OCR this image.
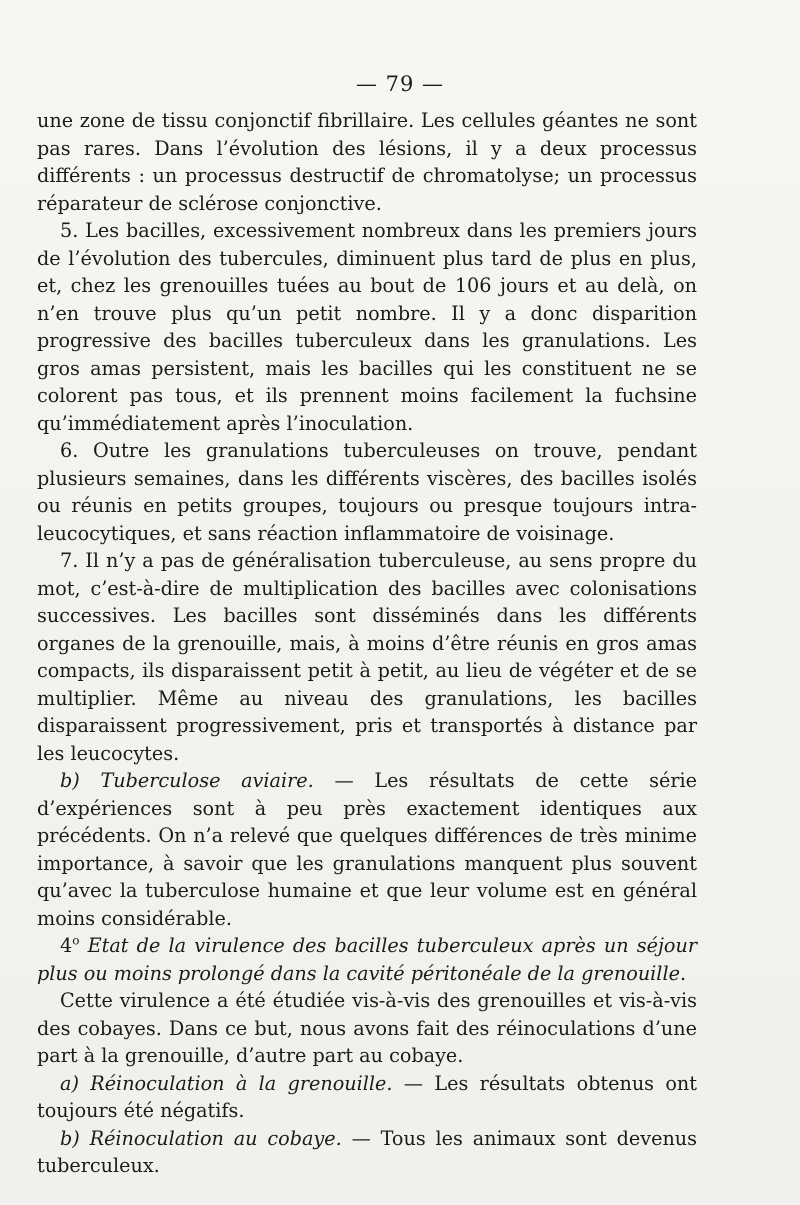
— 79 —

une zone de tissu conjonctif fibrillaire. Les cellules géantes ne sont pas rares. Dans l’évolution des lésions, il y a deux processus différents : un processus destructif de chromatolyse; un processus réparateur de sclérose conjonctive.

5. Les bacilles, excessivement nombreux dans les premiers jours de l’évolution des tubercules, diminuent plus tard de plus en plus, et, chez les grenouilles tuées au bout de 106 jours et au delà, on n’en trouve plus qu’un petit nombre. Il y a donc disparition progressive des bacilles tuberculeux dans les granulations. Les gros amas persistent, mais les bacilles qui les constituent ne se colorent pas tous, et ils prennent moins facilement la fuchsine qu’immédiatement après l’inoculation.

6. Outre les granulations tuberculeuses on trouve, pendant plusieurs semaines, dans les différents viscères, des bacilles isolés ou réunis en petits groupes, toujours ou presque toujours intra-leucocytiques, et sans réaction inflammatoire de voisinage.

7. Il n’y a pas de généralisation tuberculeuse, au sens propre du mot, c’est-à-dire de multiplication des bacilles avec colonisations successives. Les bacilles sont disséminés dans les différents organes de la grenouille, mais, à moins d’être réunis en gros amas compacts, ils disparaissent petit à petit, au lieu de végéter et de se multiplier. Même au niveau des granulations, les bacilles disparaissent progressivement, pris et transportés à distance par les leucocytes.

b) Tuberculose aviaire. — Les résultats de cette série d’expériences sont à peu près exactement identiques aux précédents. On n’a relevé que quelques différences de très minime importance, à savoir que les granulations manquent plus souvent qu’avec la tuberculose humaine et que leur volume est en général moins considérable.

4$^o$ Etat de la virulence des bacilles tuberculeux après un séjour plus ou moins prolongé dans la cavité péritonéale de la grenouille.

Cette virulence a été étudiée vis-à-vis des grenouilles et vis-à-vis des cobayes. Dans ce but, nous avons fait des réinoculations d’une part à la grenouille, d’autre part au cobaye.

a) Réinoculation à la grenouille. — Les résultats obtenus ont toujours été négatifs.

b) Réinoculation au cobaye. — Tous les animaux sont devenus tuberculeux.
